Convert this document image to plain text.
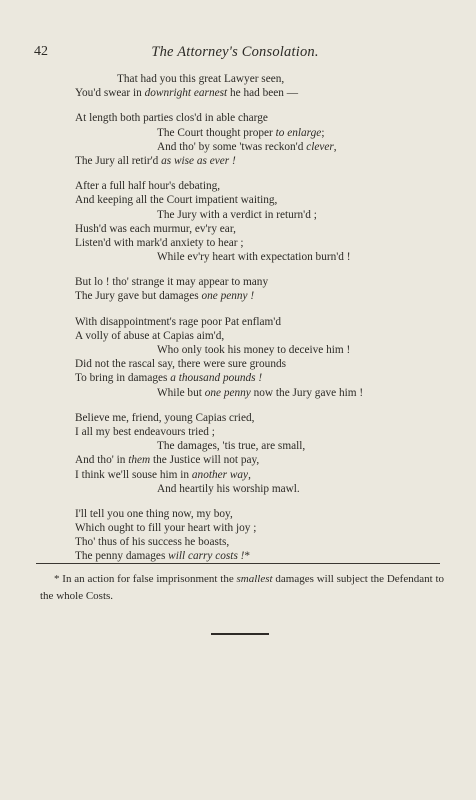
42	The Attorney's Consolation.
That had you this great Lawyer seen,
You'd swear in downright earnest he had been —
At length both parties clos'd in able charge
The Court thought proper to enlarge;
And tho' by some 'twas reckon'd clever,
The Jury all retir'd as wise as ever !
After a full half hour's debating,
And keeping all the Court impatient waiting,
The Jury with a verdict in return'd ;
Hush'd was each murmur, ev'ry ear,
Listen'd with mark'd anxiety to hear ;
While ev'ry heart with expectation burn'd !
But lo ! tho' strange it may appear to many
The Jury gave but damages one penny !
With disappointment's rage poor Pat enflam'd
A volly of abuse at Capias aim'd,
Who only took his money to deceive him !
Did not the rascal say, there were sure grounds
To bring in damages a thousand pounds !
While but one penny now the Jury gave him !
Believe me, friend, young Capias cried,
I all my best endeavours tried ;
The damages, 'tis true, are small,
And tho' in them the Justice will not pay,
I think we'll souse him in another way,
And heartily his worship mawl.
I'll tell you one thing now, my boy,
Which ought to fill your heart with joy ;
Tho' thus of his success he boasts,
The penny damages will carry costs !*
* In an action for false imprisonment the smallest damages will subject the Defendant to the whole Costs.
